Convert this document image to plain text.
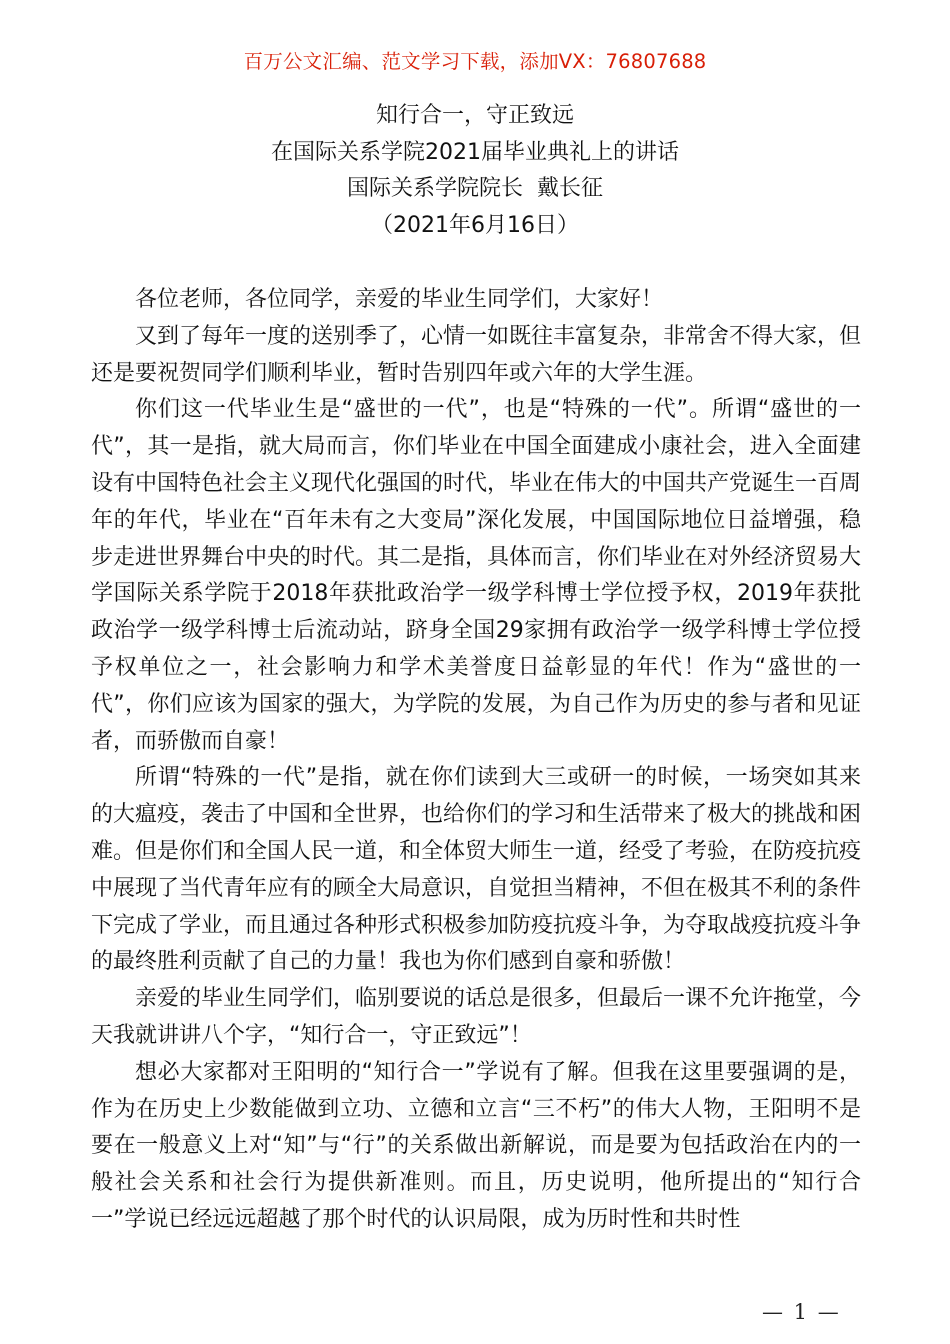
百万公文汇编、范文学习下载，添加VX：76807688
知行合一，守正致远
在国际关系学院2021届毕业典礼上的讲话
国际关系学院院长  戴长征
（2021年6月16日）

各位老师，各位同学，亲爱的毕业生同学们，大家好！

又到了每年一度的送别季了，心情一如既往丰富复杂，非常舍不得大家，但还是要祝贺同学们顺利毕业，暂时告别四年或六年的大学生涯。

你们这一代毕业生是“盛世的一代”，也是“特殊的一代”。所谓“盛世的一代”，其一是指，就大局而言，你们毕业在中国全面建成小康社会，进入全面建设有中国特色社会主义现代化强国的时代，毕业在伟大的中国共产党诞生一百周年的年代，毕业在“百年未有之大变局”深化发展，中国国际地位日益增强，稳步走进世界舞台中央的时代。其二是指，具体而言，你们毕业在对外经济贸易大学国际关系学院于2018年获批政治学一级学科博士学位授予权，2019年获批政治学一级学科博士后流动站，跻身全国29家拥有政治学一级学科博士学位授予权单位之一，社会影响力和学术美誉度日益彰显的年代！作为“盛世的一代”，你们应该为国家的强大，为学院的发展，为自己作为历史的参与者和见证者，而骄傲而自豪！

所谓“特殊的一代”是指，就在你们读到大三或研一的时候，一场突如其来的大瘟疫，袭击了中国和全世界，也给你们的学习和生活带来了极大的挑战和困难。但是你们和全国人民一道，和全体贸大师生一道，经受了考验，在防疫抗疫中展现了当代青年应有的顾全大局意识，自觉担当精神，不但在极其不利的条件下完成了学业，而且通过各种形式积极参加防疫抗疫斗争，为夺取战疫抗疫斗争的最终胜利贡献了自己的力量！我也为你们感到自豪和骄傲！

亲爱的毕业生同学们，临别要说的话总是很多，但最后一课不允许拖堂，今天我就讲讲八个字，“知行合一，守正致远”！

想必大家都对王阳明的“知行合一”学说有了解。但我在这里要强调的是，作为在历史上少数能做到立功、立德和立言“三不朽”的伟大人物，王阳明不是要在一般意义上对“知”与“行”的关系做出新解说，而是要为包括政治在内的一般社会关系和社会行为提供新准则。而且，历史说明，他所提出的“知行合一”学说已经远远超越了那个时代的认识局限，成为历时性和共时性

— 1 —
